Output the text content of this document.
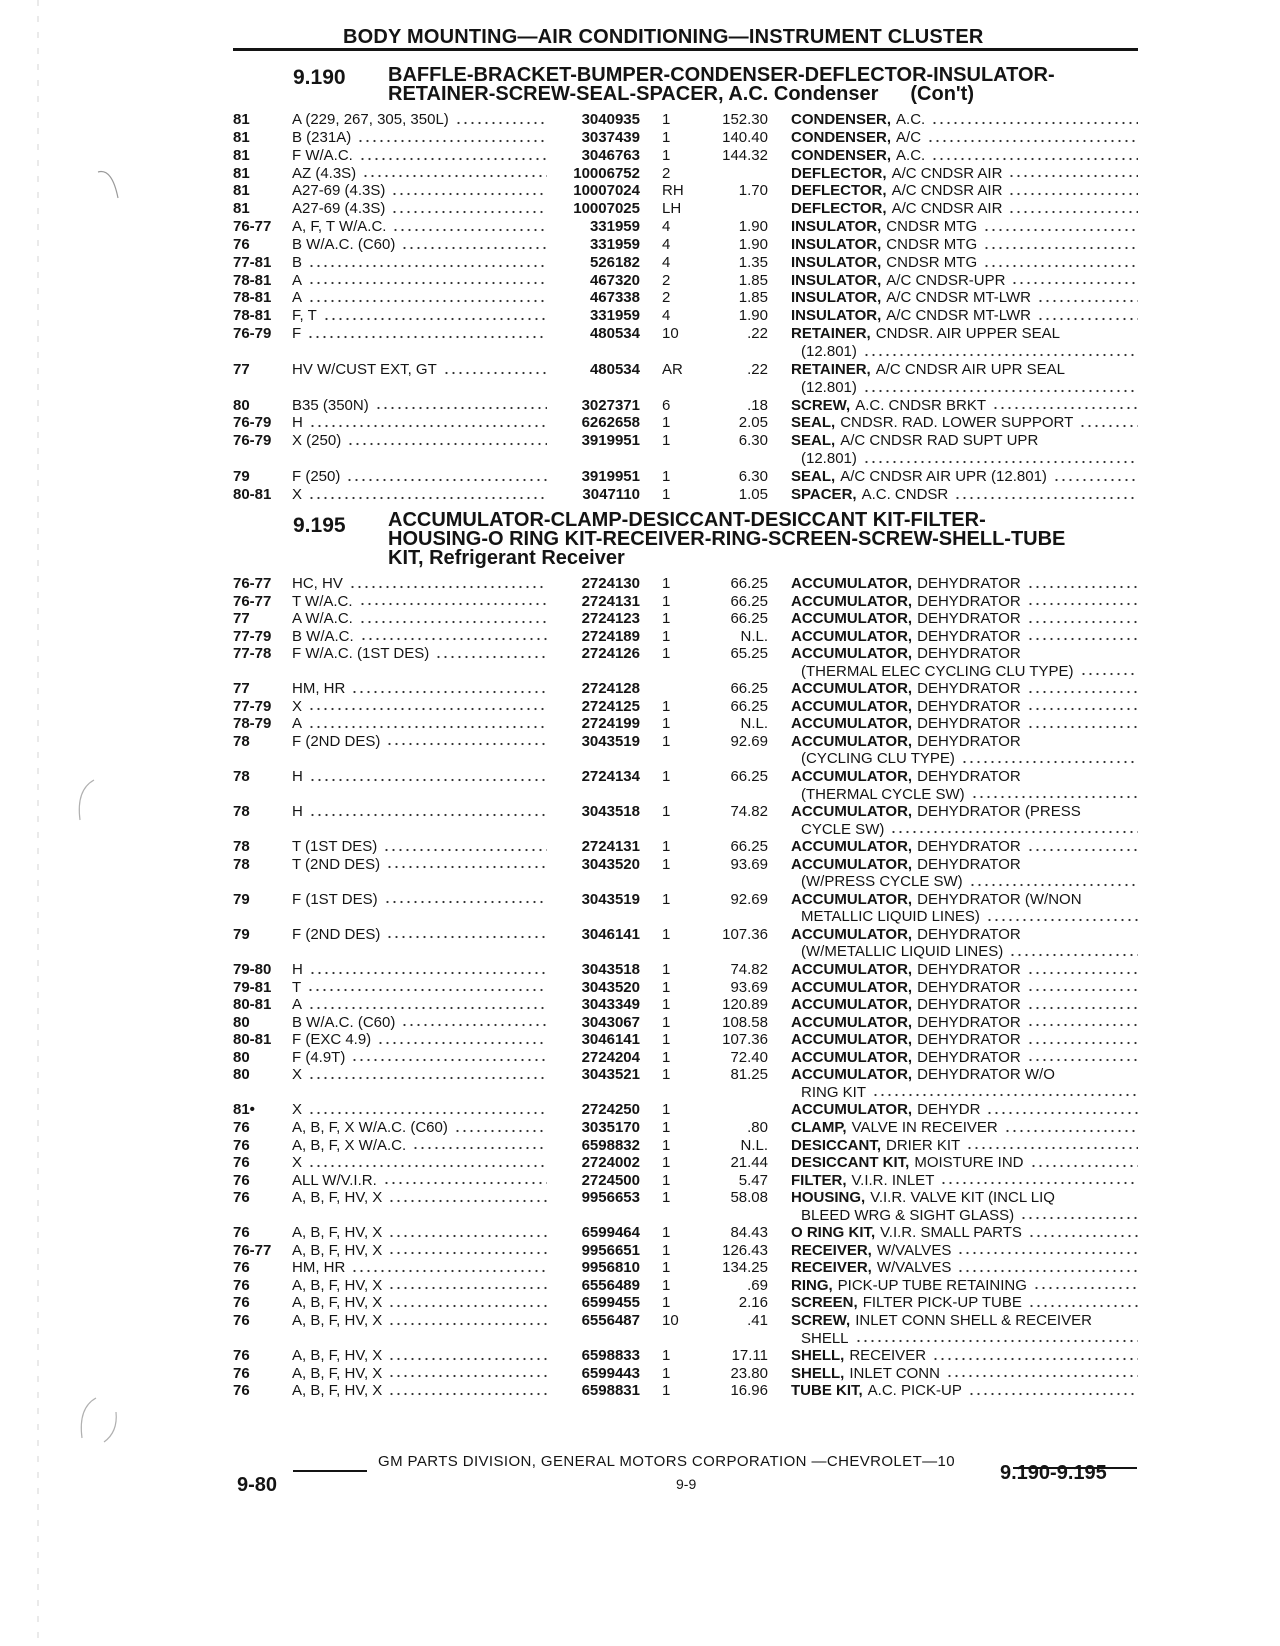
BODY MOUNTING—AIR CONDITIONING—INSTRUMENT CLUSTER
9.190 BAFFLE-BRACKET-BUMPER-CONDENSER-DEFLECTOR-INSULATOR-
RETAINER-SCREW-SEAL-SPACER, A.C. Condenser (Con't)
81	A (229, 267, 305, 350L)	3040935 1	152.30 CONDENSER, A.C.
81	B (231A)	3037439 1	140.40 CONDENSER, A/C
81	F W/A.C.	3046763 1	144.32 CONDENSER, A.C.
81	AZ (4.3S)	10006752 2	DEFLECTOR, A/C CNDSR AIR
81	A27-69 (4.3S)	10007024 RH	1.70 DEFLECTOR, A/C CNDSR AIR
81	A27-69 (4.3S)	10007025 LH	DEFLECTOR, A/C CNDSR AIR
76-77 A, F, T W/A.C.	331959 4	1.90 INSULATOR, CNDSR MTG
76	B W/A.C. (C60)	331959 4	1.90 INSULATOR, CNDSR MTG
77-81 B	526182 4	1.35 INSULATOR, CNDSR MTG
78-81 A	467320 2	1.85 INSULATOR, A/C CNDSR-UPR
78-81 A	467338 2	1.85 INSULATOR, A/C CNDSR MT-LWR
78-81 F, T	331959 4	1.90 INSULATOR, A/C CNDSR MT-LWR
76-79 F	480534 10	.22 RETAINER, CNDSR. AIR UPPER SEAL
(12.801)
77	HV W/CUST EXT, GT	480534 AR	.22 RETAINER, A/C CNDSR AIR UPR SEAL
(12.801)
80	B35 (350N)	3027371 6	.18 SCREW, A.C. CNDSR BRKT
76-79 H	6262658 1	2.05 SEAL, CNDSR. RAD. LOWER SUPPORT
76-79 X (250)	3919951 1	6.30 SEAL, A/C CNDSR RAD SUPT UPR
(12.801)
79	F (250)	3919951 1	6.30 SEAL, A/C CNDSR AIR UPR (12.801)
80-81 X	3047110 1	1.05 SPACER, A.C. CNDSR
9.195 ACCUMULATOR-CLAMP-DESICCANT-DESICCANT KIT-FILTER-
HOUSING-O RING KIT-RECEIVER-RING-SCREEN-SCREW-SHELL-TUBE
KIT, Refrigerant Receiver
76-77 HC, HV	2724130 1	66.25 ACCUMULATOR, DEHYDRATOR
76-77 T W/A.C.	2724131 1	66.25 ACCUMULATOR, DEHYDRATOR
77	A W/A.C.	2724123 1	66.25 ACCUMULATOR, DEHYDRATOR
77-79 B W/A.C.	2724189 1	N.L. ACCUMULATOR, DEHYDRATOR
77-78 F W/A.C. (1ST DES)	2724126 1	65.25 ACCUMULATOR, DEHYDRATOR
(THERMAL ELEC CYCLING CLU TYPE)
77	HM, HR	2724128	66.25 ACCUMULATOR, DEHYDRATOR
77-79 X	2724125 1	66.25 ACCUMULATOR, DEHYDRATOR
78-79 A	2724199 1	N.L. ACCUMULATOR, DEHYDRATOR
78	F (2ND DES)	3043519 1	92.69 ACCUMULATOR, DEHYDRATOR
(CYCLING CLU TYPE)
78	H	2724134 1	66.25 ACCUMULATOR, DEHYDRATOR
(THERMAL CYCLE SW)
78	H	3043518 1	74.82 ACCUMULATOR, DEHYDRATOR (PRESS
CYCLE SW)
78	T (1ST DES)	2724131 1	66.25 ACCUMULATOR, DEHYDRATOR
78	T (2ND DES)	3043520 1	93.69 ACCUMULATOR, DEHYDRATOR
(W/PRESS CYCLE SW)
79	F (1ST DES)	3043519 1	92.69 ACCUMULATOR, DEHYDRATOR (W/NON
METALLIC LIQUID LINES)
79	F (2ND DES)	3046141 1	107.36 ACCUMULATOR, DEHYDRATOR
(W/METALLIC LIQUID LINES)
79-80 H	3043518 1	74.82 ACCUMULATOR, DEHYDRATOR
79-81 T	3043520 1	93.69 ACCUMULATOR, DEHYDRATOR
80-81 A	3043349 1	120.89 ACCUMULATOR, DEHYDRATOR
80	B W/A.C. (C60)	3043067 1	108.58 ACCUMULATOR, DEHYDRATOR
80-81 F (EXC 4.9)	3046141 1	107.36 ACCUMULATOR, DEHYDRATOR
80	F (4.9T)	2724204 1	72.40 ACCUMULATOR, DEHYDRATOR
80	X	3043521 1	81.25 ACCUMULATOR, DEHYDRATOR W/O
RING KIT
81• X	2724250 1	ACCUMULATOR, DEHYDR
76	A, B, F, X W/A.C. (C60)	3035170 1	.80 CLAMP, VALVE IN RECEIVER
76	A, B, F, X W/A.C.	6598832 1	N.L. DESICCANT, DRIER KIT
76	X	2724002 1	21.44 DESICCANT KIT, MOISTURE IND
76	ALL W/V.I.R.	2724500 1	5.47 FILTER, V.I.R. INLET
76	A, B, F, HV, X	9956653 1	58.08 HOUSING, V.I.R. VALVE KIT (INCL LIQ
BLEED WRG & SIGHT GLASS)
76	A, B, F, HV, X	6599464 1	84.43 O RING KIT, V.I.R. SMALL PARTS
76-77 A, B, F, HV, X	9956651 1	126.43 RECEIVER, W/VALVES
76	HM, HR	9956810 1	134.25 RECEIVER, W/VALVES
76	A, B, F, HV, X	6556489 1	.69 RING, PICK-UP TUBE RETAINING
76	A, B, F, HV, X	6599455 1	2.16 SCREEN, FILTER PICK-UP TUBE
76	A, B, F, HV, X	6556487 10	.41 SCREW, INLET CONN SHELL & RECEIVER
SHELL
76	A, B, F, HV, X	6598833 1	17.11 SHELL, RECEIVER
76	A, B, F, HV, X	6599443 1	23.80 SHELL, INLET CONN
76	A, B, F, HV, X	6598831 1	16.96 TUBE KIT, A.C. PICK-UP
GM PARTS DIVISION, GENERAL MOTORS CORPORATION —CHEVROLET—10
9-80	9-9	9.190-9.195
